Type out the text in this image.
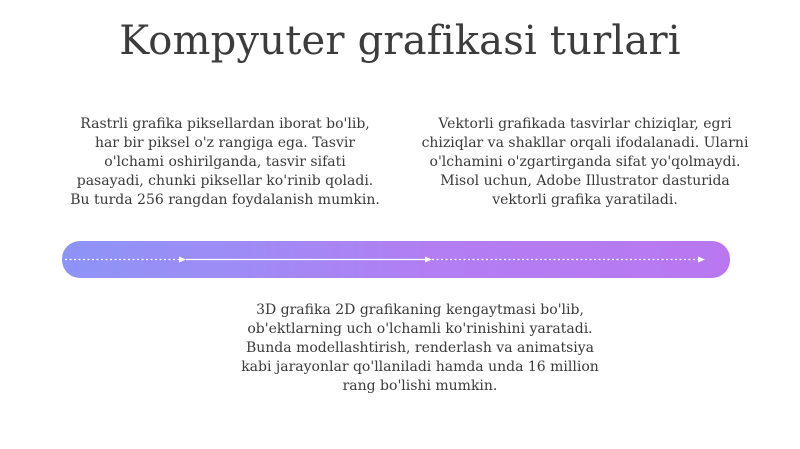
Kompyuter grafikasi turlari
Rastrli grafika piksellardan iborat bo'lib, har bir piksel o'z rangiga ega. Tasvir o'lchami oshirilganda, tasvir sifati pasayadi, chunki piksellar ko'rinib qoladi. Bu turda 256 rangdan foydalanish mumkin.
Vektorli grafikada tasvirlar chiziqlar, egri chiziqlar va shakllar orqali ifodalanadi. Ularni o'lchamini o'zgartirganda sifat yo'qolmaydi. Misol uchun, Adobe Illustrator dasturida vektorli grafika yaratiladi.
3D grafika 2D grafikaning kengaytmasi bo'lib, ob'ektlarning uch o'lchamli ko'rinishini yaratadi. Bunda modellashtirish, renderlash va animatsiya kabi jarayonlar qo'llaniladi hamda unda 16 million rang bo'lishi mumkin.
